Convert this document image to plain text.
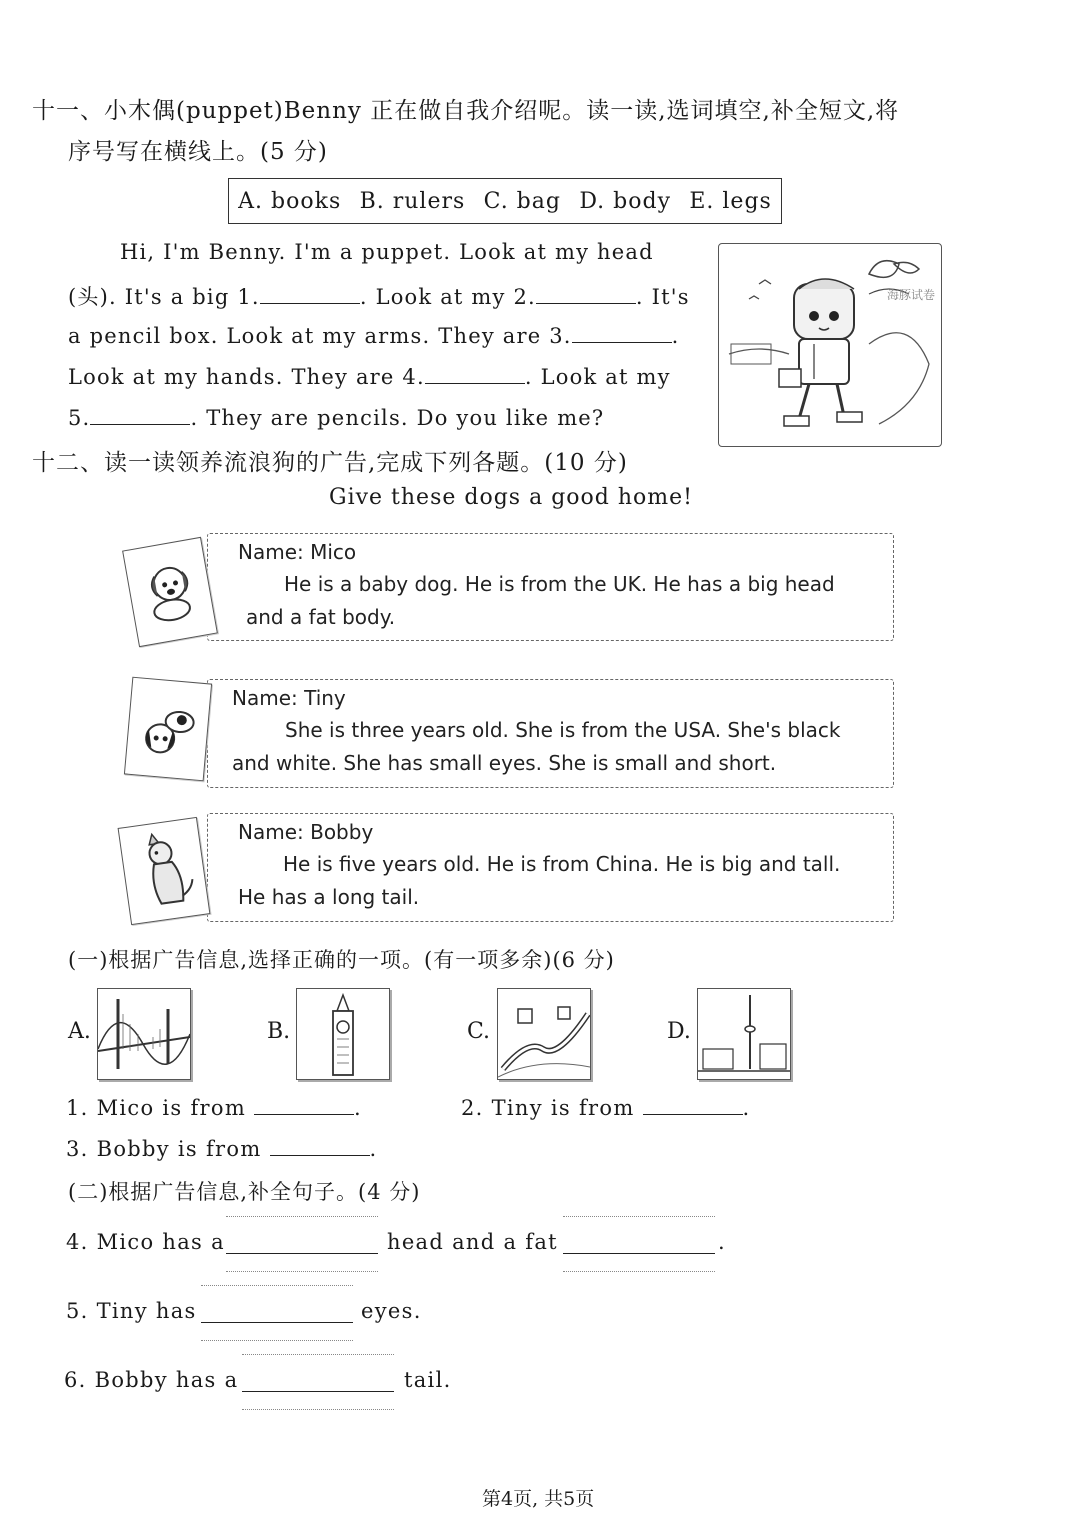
十一、小木偶(puppet)Benny 正在做自我介绍呢。读一读,选词填空,补全短文,将
序号写在横线上。(5 分)
A. books B. rulers C. bag D. body E. legs
Hi, I'm Benny. I'm a puppet. Look at my head
(头). It's a big 1.	. Look at my 2.	. It's
a pencil box. Look at my arms. They are 3.	.
Look at my hands. They are 4.	. Look at my
5.	. They are pencils. Do you like me?
海豚试卷
十二、读一读领养流浪狗的广告,完成下列各题。(10 分)
Give these dogs a good home!
Name: Mico
He is a baby dog. He is from the UK. He has a big head
and a fat body.
Name: Tiny
She is three years old. She is from the USA. She's black
and white. She has small eyes. She is small and short.
Name: Bobby
He is five years old. He is from China. He is big and tall.
He has a long tail.
(一)根据广告信息,选择正确的一项。(有一项多余)(6 分)
A.	B.	C.	D.
1. Mico is from	.	2. Tiny is from	.
3. Bobby is from	.
(二)根据广告信息,补全句子。(4 分)
4. Mico has a	head and a fat	.
5. Tiny has	eyes.
6. Bobby has a	tail.
第4页, 共5页
